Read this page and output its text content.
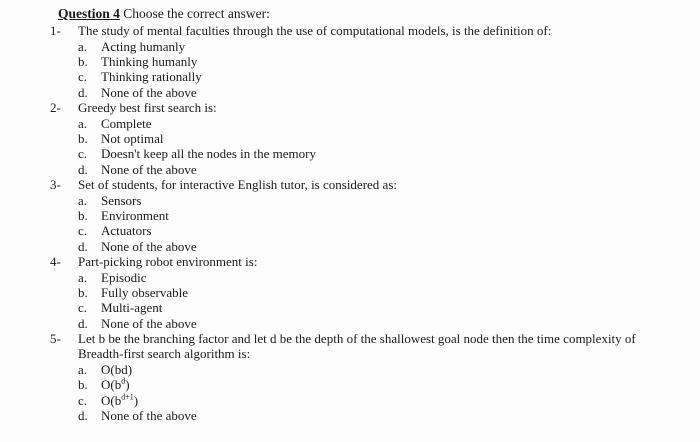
Question 4 Choose the correct answer:
1-	The study of mental faculties through the use of computational models, is the definition of:
a. Acting humanly
b. Thinking humanly
c. Thinking rationally
d. None of the above
2-	Greedy best first search is:
a. Complete
b. Not optimal
c. Doesn't keep all the nodes in the memory
d. None of the above
3-	Set of students, for interactive English tutor, is considered as:
a. Sensors
b. Environment
c. Actuators
d. None of the above
4-	Part-picking robot environment is:
a. Episodic
b. Fully observable
c. Multi-agent
d. None of the above
5-	Let b be the branching factor and let d be the depth of the shallowest goal node then the time complexity of
Breadth-first search algorithm is:
a. O(bd)
b. $O(b^d)$
c. $O(b^{d+1})$
d. None of the above
